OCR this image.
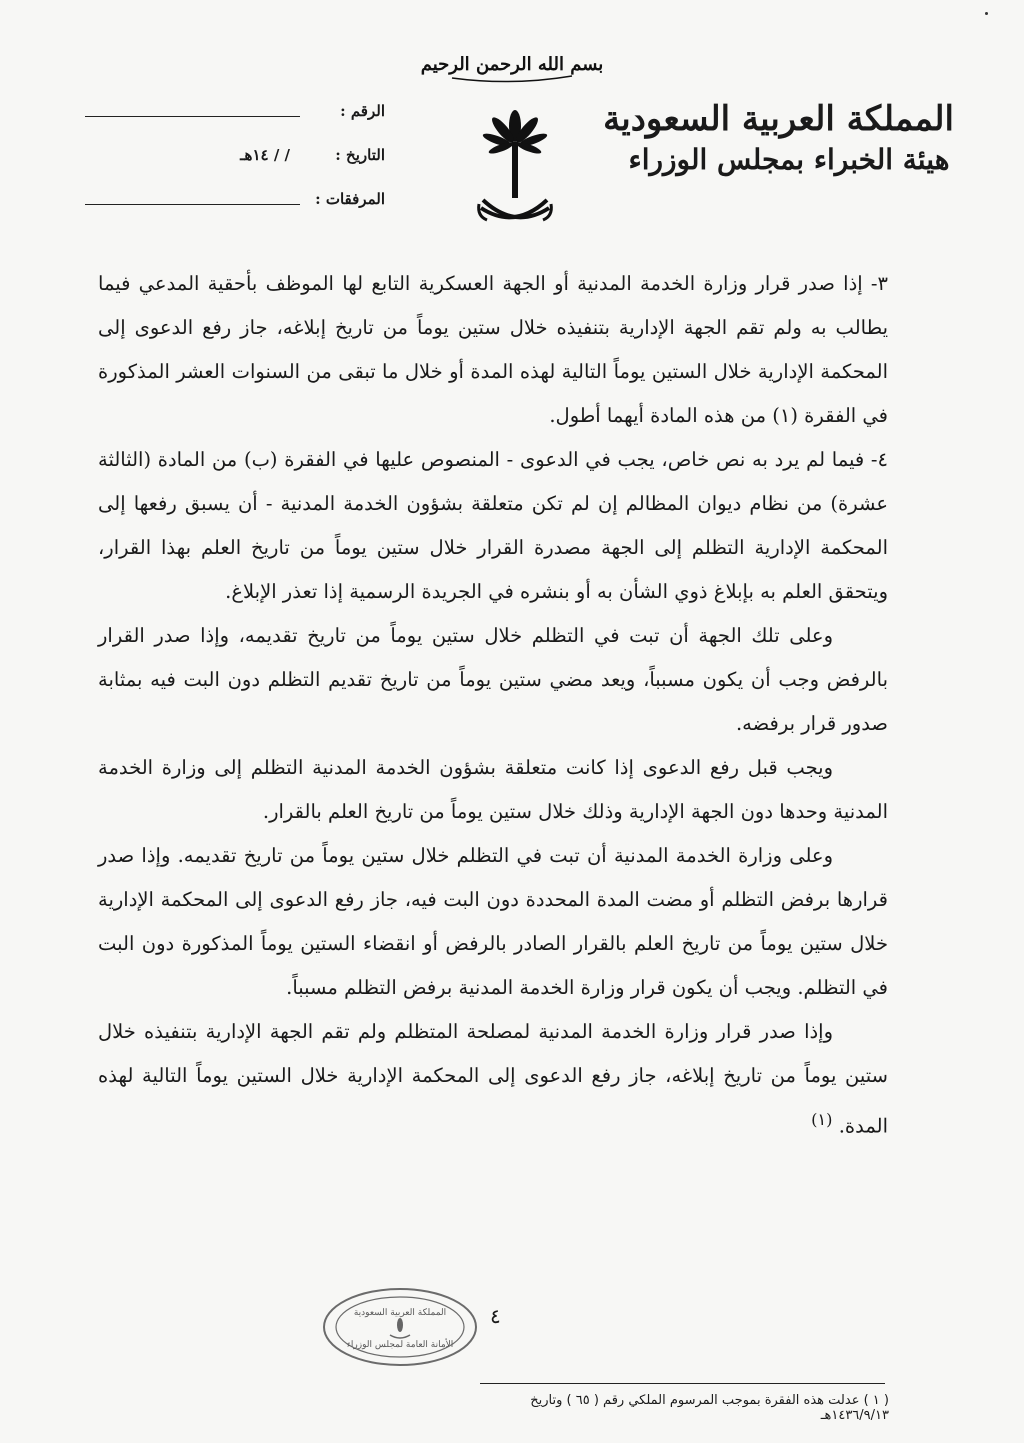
بسم الله الرحمن الرحيم
المملكة العربية السعودية
هيئة الخبراء بمجلس الوزراء
الرقم :
التاريخ :
/ / ١٤هـ
المرفقات :

٣- إذا صدر قرار وزارة الخدمة المدنية أو الجهة العسكرية التابع لها الموظف بأحقية المدعي فيما يطالب به ولم تقم الجهة الإدارية بتنفيذه خلال ستين يوماً من تاريخ إبلاغه، جاز رفع الدعوى إلى المحكمة الإدارية خلال الستين يوماً التالية لهذه المدة أو خلال ما تبقى من السنوات العشر المذكورة في الفقرة (١) من هذه المادة أيهما أطول.

٤- فيما لم يرد به نص خاص، يجب في الدعوى - المنصوص عليها في الفقرة (ب) من المادة (الثالثة عشرة) من نظام ديوان المظالم إن لم تكن متعلقة بشؤون الخدمة المدنية - أن يسبق رفعها إلى المحكمة الإدارية التظلم إلى الجهة مصدرة القرار خلال ستين يوماً من تاريخ العلم بهذا القرار، ويتحقق العلم به بإبلاغ ذوي الشأن به أو بنشره في الجريدة الرسمية إذا تعذر الإبلاغ.

وعلى تلك الجهة أن تبت في التظلم خلال ستين يوماً من تاريخ تقديمه، وإذا صدر القرار بالرفض وجب أن يكون مسبباً، ويعد مضي ستين يوماً من تاريخ تقديم التظلم دون البت فيه بمثابة صدور قرار برفضه.

ويجب قبل رفع الدعوى إذا كانت متعلقة بشؤون الخدمة المدنية التظلم إلى وزارة الخدمة المدنية وحدها دون الجهة الإدارية وذلك خلال ستين يوماً من تاريخ العلم بالقرار.

وعلى وزارة الخدمة المدنية أن تبت في التظلم خلال ستين يوماً من تاريخ تقديمه. وإذا صدر قرارها برفض التظلم أو مضت المدة المحددة دون البت فيه، جاز رفع الدعوى إلى المحكمة الإدارية خلال ستين يوماً من تاريخ العلم بالقرار الصادر بالرفض أو انقضاء الستين يوماً المذكورة دون البت في التظلم. ويجب أن يكون قرار وزارة الخدمة المدنية برفض التظلم مسبباً.

وإذا صدر قرار وزارة الخدمة المدنية لمصلحة المتظلم ولم تقم الجهة الإدارية بتنفيذه خلال ستين يوماً من تاريخ إبلاغه، جاز رفع الدعوى إلى المحكمة الإدارية خلال الستين يوماً التالية لهذه المدة. $^{(١)}$

المملكة العربية السعودية
الأمانة العامة لمجلس الوزراء
٤
( ١ ) عدلت هذه الفقرة بموجب المرسوم الملكي رقم ( ٦٥ ) وتاريخ ١٤٣٦/٩/١٣هـ
